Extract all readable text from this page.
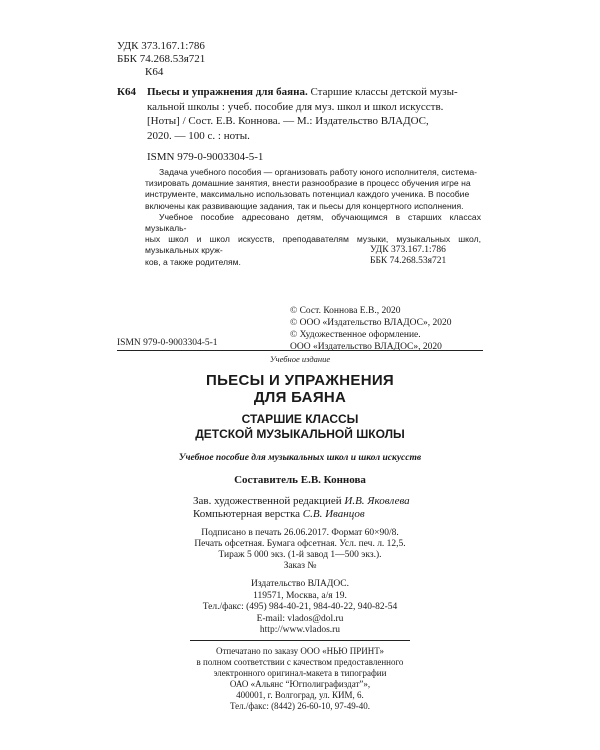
УДК 373.167.1:786
ББК 74.268.53я721
К64
К64 Пьесы и упражнения для баяна. Старшие классы детской музы-
кальной школы : учеб. пособие для муз. школ и школ искусств.
[Ноты] / Сост. Е.В. Коннова. — М.: Издательство ВЛАДОС,
2020. — 100 с. : ноты.
ISMN 979-0-9003304-5-1

Задача учебного пособия — организовать работу юного исполнителя, система-
тизировать домашние занятия, внести разнообразие в процесс обучения игре на
инструменте, максимально использовать потенциал каждого ученика. В пособие
включены как развивающие задания, так и пьесы для концертного исполнения.

Учебное пособие адресовано детям, обучающимся в старших классах музыкаль-
ных школ и школ искусств, преподавателям музыки, музыкальных школ, музыкальных круж-
ков, а также родителям.

УДК 373.167.1:786
ББК 74.268.53я721
© Сост. Коннова Е.В., 2020
© ООО «Издательство ВЛАДОС», 2020
© Художественное оформление.
ООО «Издательство ВЛАДОС», 2020
ISMN 979-0-9003304-5-1
Учебное издание
ПЬЕСЫ И УПРАЖНЕНИЯ
ДЛЯ БАЯНА
СТАРШИЕ КЛАССЫ
ДЕТСКОЙ МУЗЫКАЛЬНОЙ ШКОЛЫ
Учебное пособие для музыкальных школ и школ искусств
Составитель Е.В. Коннова
Зав. художественной редакцией И.В. Яковлева
Компьютерная верстка С.В. Иванцов
Подписано в печать 26.06.2017. Формат 60×90/8.
Печать офсетная. Бумага офсетная. Усл. печ. л. 12,5.
Тираж 5 000 экз. (1-й завод 1—500 экз.).
Заказ №
Издательство ВЛАДОС.
119571, Москва, а/я 19.
Тел./факс: (495) 984-40-21, 984-40-22, 940-82-54
E-mail: vlados@dol.ru
http://www.vlados.ru
Отпечатано по заказу ООО «НЬЮ ПРИНТ»
в полном соответствии с качеством предоставленного
электронного оригинал-макета в типографии
ОАО «Альянс “Югполиграфиздат”»,
400001, г. Волгоград, ул. КИМ, 6.
Тел./факс: (8442) 26-60-10, 97-49-40.
